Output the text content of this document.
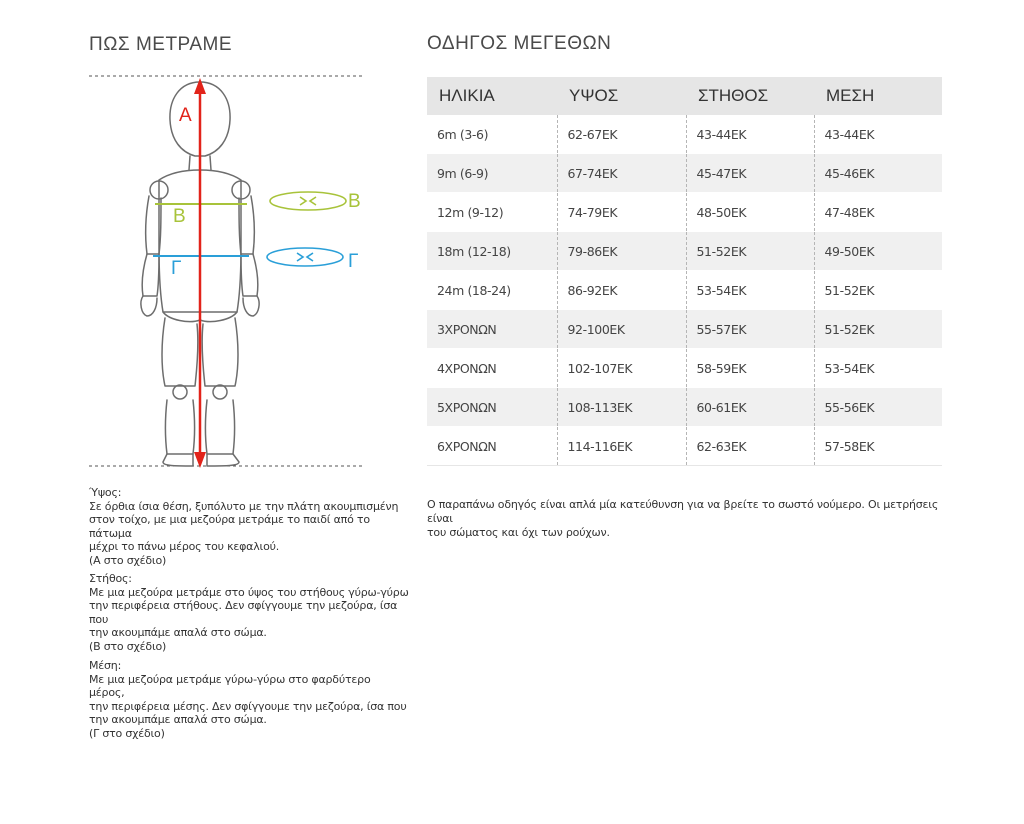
ΠΩΣ ΜΕΤΡΑΜΕ	ΟΔΗΓΟΣ ΜΕΓΕΘΩΝ
Α
Β
Γ
Β
Γ

Ύψος:

Σε όρθια ίσια θέση, ξυπόλυτο με την πλάτη ακουμπισμένη

στον τοίχο, με μια μεζούρα μετράμε το παιδί από το πάτωμα

μέχρι το πάνω μέρος του κεφαλιού.

(Α στο σχέδιο)

Στήθος:

Με μια μεζούρα μετράμε στο ύψος του στήθους γύρω-γύρω

την περιφέρεια στήθους. Δεν σφίγγουμε την μεζούρα, ίσα που

την ακουμπάμε απαλά στο σώμα.

(Β στο σχέδιο)

Μέση:

Με μια μεζούρα μετράμε γύρω-γύρω στο φαρδύτερο μέρος,

την περιφέρεια μέσης. Δεν σφίγγουμε την μεζούρα, ίσα που

την ακουμπάμε απαλά στο σώμα.

(Γ στο σχέδιο)

ΗΛΙΚΙΑ	ΥΨΟΣ	ΣΤΗΘΟΣ	ΜΕΣΗ
6m (3-6)	62-67ΕΚ	43-44ΕΚ	43-44ΕΚ
9m (6-9)	67-74ΕΚ	45-47ΕΚ	45-46ΕΚ
12m (9-12)	74-79ΕΚ	48-50ΕΚ	47-48ΕΚ
18m (12-18)	79-86ΕΚ	51-52ΕΚ	49-50ΕΚ
24m (18-24)	86-92ΕΚ	53-54ΕΚ	51-52ΕΚ
3ΧΡΟΝΩΝ	92-100ΕΚ	55-57ΕΚ	51-52ΕΚ
4ΧΡΟΝΩΝ	102-107ΕΚ	58-59ΕΚ	53-54ΕΚ
5ΧΡΟΝΩΝ	108-113ΕΚ	60-61ΕΚ	55-56ΕΚ
6ΧΡΟΝΩΝ	114-116ΕΚ	62-63ΕΚ	57-58ΕΚ

Ο παραπάνω οδηγός είναι απλά μία κατεύθυνση για να βρείτε το σωστό νούμερο. Οι μετρήσεις είναι
του σώματος και όχι των ρούχων.
